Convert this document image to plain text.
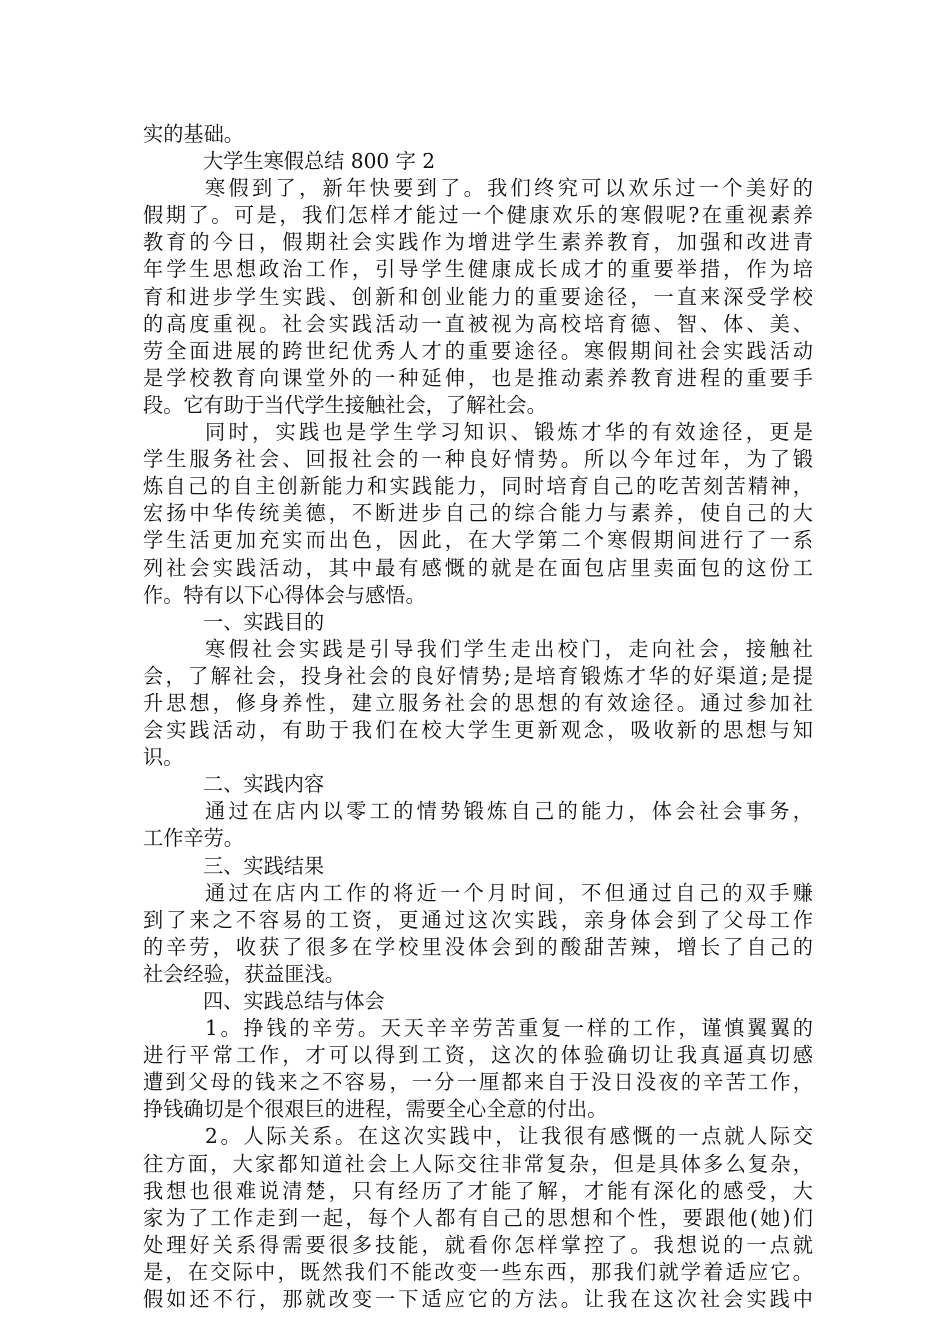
实的基础。
大学生寒假总结 800 字 2
寒假到了，新年快要到了。我们终究可以欢乐过一个美好的
假期了。可是，我们怎样才能过一个健康欢乐的寒假呢?在重视素养
教育的今日，假期社会实践作为增进学生素养教育，加强和改进青
年学生思想政治工作，引导学生健康成长成才的重要举措，作为培
育和进步学生实践、创新和创业能力的重要途径，一直来深受学校
的高度重视。社会实践活动一直被视为高校培育德、智、体、美、
劳全面进展的跨世纪优秀人才的重要途径。寒假期间社会实践活动
是学校教育向课堂外的一种延伸，也是推动素养教育进程的重要手
段。它有助于当代学生接触社会，了解社会。
同时，实践也是学生学习知识、锻炼才华的有效途径，更是
学生服务社会、回报社会的一种良好情势。所以今年过年，为了锻
炼自己的自主创新能力和实践能力，同时培育自己的吃苦刻苦精神，
宏扬中华传统美德，不断进步自己的综合能力与素养，使自己的大
学生活更加充实而出色，因此，在大学第二个寒假期间进行了一系
列社会实践活动，其中最有感慨的就是在面包店里卖面包的这份工
作。特有以下心得体会与感悟。
一、实践目的
寒假社会实践是引导我们学生走出校门，走向社会，接触社
会，了解社会，投身社会的良好情势;是培育锻炼才华的好渠道;是提
升思想，修身养性，建立服务社会的思想的有效途径。通过参加社
会实践活动，有助于我们在校大学生更新观念，吸收新的思想与知
识。
二、实践内容
通过在店内以零工的情势锻炼自己的能力，体会社会事务，
工作辛劳。
三、实践结果
通过在店内工作的将近一个月时间，不但通过自己的双手赚
到了来之不容易的工资，更通过这次实践，亲身体会到了父母工作
的辛劳，收获了很多在学校里没体会到的酸甜苦辣，增长了自己的
社会经验，获益匪浅。
四、实践总结与体会
1。挣钱的辛劳。天天辛辛劳苦重复一样的工作，谨慎翼翼的
进行平常工作，才可以得到工资，这次的体验确切让我真逼真切感
遭到父母的钱来之不容易，一分一厘都来自于没日没夜的辛苦工作，
挣钱确切是个很艰巨的进程，需要全心全意的付出。
2。人际关系。在这次实践中，让我很有感慨的一点就人际交
往方面，大家都知道社会上人际交往非常复杂，但是具体多么复杂，
我想也很难说清楚，只有经历了才能了解，才能有深化的感受，大
家为了工作走到一起，每个人都有自己的思想和个性，要跟他(她)们
处理好关系得需要很多技能，就看你怎样掌控了。我想说的一点就
是，在交际中，既然我们不能改变一些东西，那我们就学着适应它。
假如还不行，那就改变一下适应它的方法。让我在这次社会实践中
